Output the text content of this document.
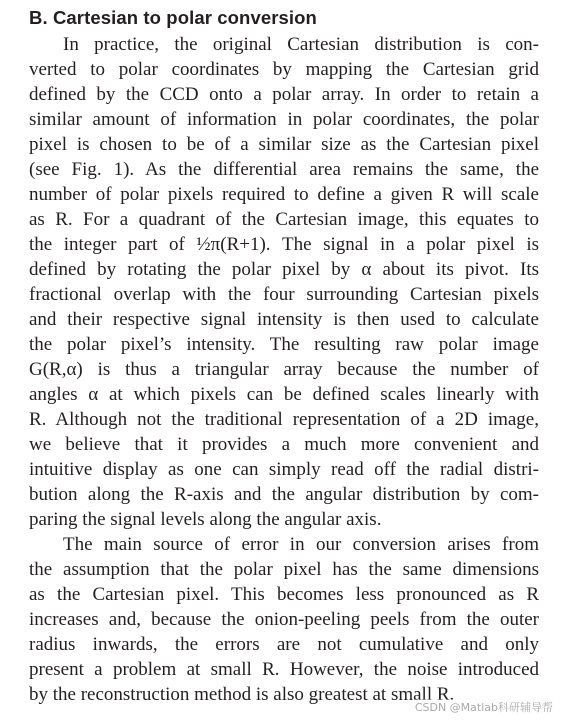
B. Cartesian to polar conversion

In practice, the original Cartesian distribution is con-
verted to polar coordinates by mapping the Cartesian grid
defined by the CCD onto a polar array. In order to retain a
similar amount of information in polar coordinates, the polar
pixel is chosen to be of a similar size as the Cartesian pixel
(see Fig. 1). As the differential area remains the same, the
number of polar pixels required to define a given R will scale
as R. For a quadrant of the Cartesian image, this equates to
the integer part of ½π(R+1). The signal in a polar pixel is
defined by rotating the polar pixel by α about its pivot. Its
fractional overlap with the four surrounding Cartesian pixels
and their respective signal intensity is then used to calculate
the polar pixel’s intensity. The resulting raw polar image
G(R,α) is thus a triangular array because the number of
angles α at which pixels can be defined scales linearly with
R. Although not the traditional representation of a 2D image,
we believe that it provides a much more convenient and
intuitive display as one can simply read off the radial distri-
bution along the R-axis and the angular distribution by com-
paring the signal levels along the angular axis.

The main source of error in our conversion arises from
the assumption that the polar pixel has the same dimensions
as the Cartesian pixel. This becomes less pronounced as R
increases and, because the onion-peeling peels from the outer
radius inwards, the errors are not cumulative and only
present a problem at small R. However, the noise introduced
by the reconstruction method is also greatest at small R.

CSDN @Matlab科研辅导帮
